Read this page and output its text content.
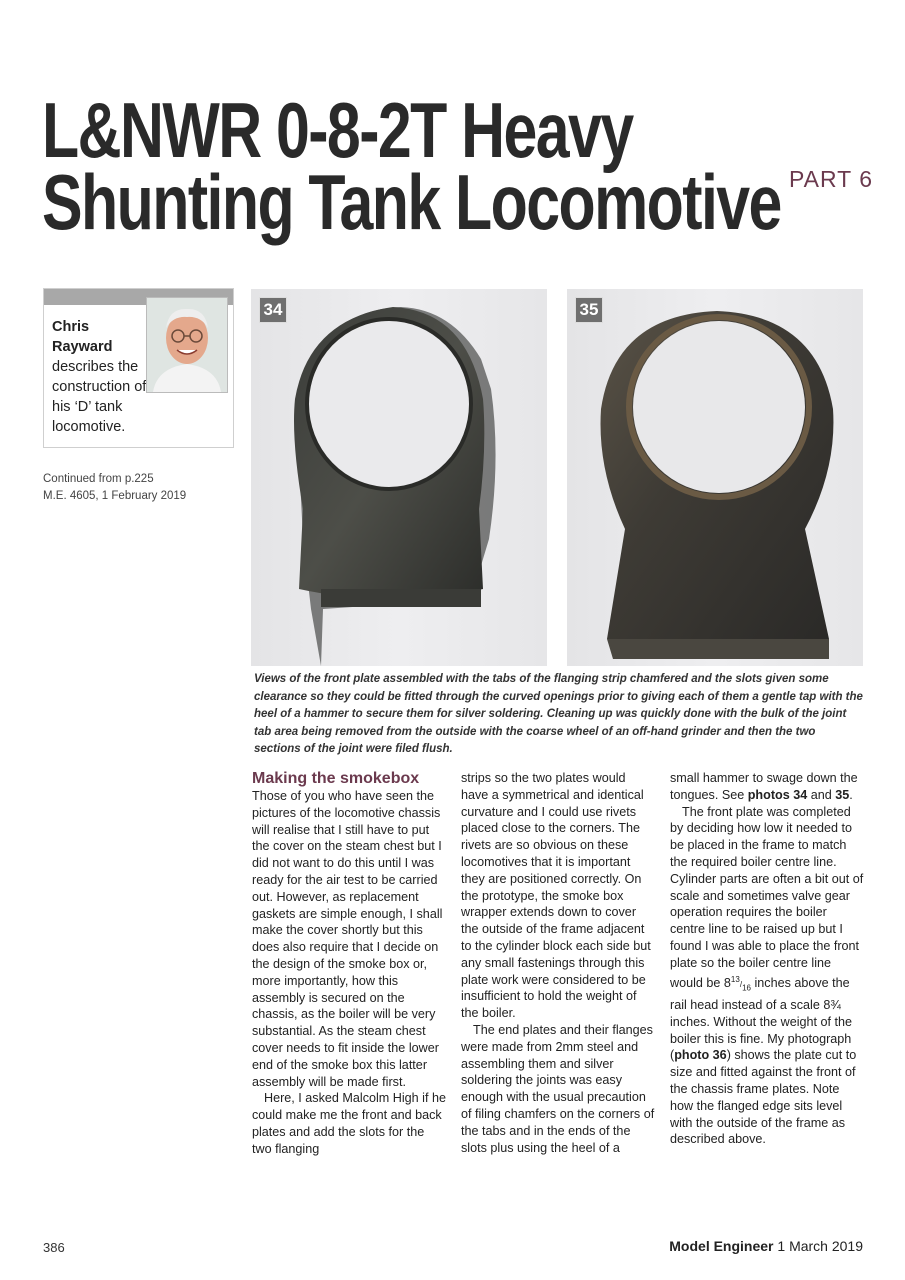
L&NWR 0-8-2T Heavy
Shunting Tank Locomotive PART 6
Chris
Rayward
describes the construction of his ‘D’ tank locomotive.
Continued from p.225
M.E. 4605, 1 February 2019
34	35
Views of the front plate assembled with the tabs of the flanging strip chamfered and the slots given some clearance so they could be fitted through the curved openings prior to giving each of them a gentle tap with the heel of a hammer to secure them for silver soldering. Cleaning up was quickly done with the bulk of the joint tab area being removed from the outside with the coarse wheel of an off-hand grinder and then the two sections of the joint were filed flush.
Making the smokebox

Those of you who have seen the pictures of the locomotive chassis will realise that I still have to put the cover on the steam chest but I did not want to do this until I was ready for the air test to be carried out. However, as replacement gaskets are simple enough, I shall make the cover shortly but this does also require that I decide on the design of the smoke box or, more importantly, how this assembly is secured on the chassis, as the boiler will be very substantial. As the steam chest cover needs to fit inside the lower end of the smoke box this latter assembly will be made first.

Here, I asked Malcolm High if he could make me the front and back plates and add the slots for the two flanging

strips so the two plates would have a symmetrical and identical curvature and I could use rivets placed close to the corners. The rivets are so obvious on these locomotives that it is important they are positioned correctly. On the prototype, the smoke box wrapper extends down to cover the outside of the frame adjacent to the cylinder block each side but any small fastenings through this plate work were considered to be insufficient to hold the weight of the boiler.

The end plates and their flanges were made from 2mm steel and assembling them and silver soldering the joints was easy enough with the usual precaution of filing chamfers on the corners of the tabs and in the ends of the slots plus using the heel of a

small hammer to swage down the tongues. See photos 34 and 35.

The front plate was completed by deciding how low it needed to be placed in the frame to match the required boiler centre line. Cylinder parts are often a bit out of scale and sometimes valve gear operation requires the boiler centre line to be raised up but I found I was able to place the front plate so the boiler centre line would be $8^{13}/_{16}$ inches above the rail head instead of a scale 8¾ inches. Without the weight of the boiler this is fine. My photograph (photo 36) shows the plate cut to size and fitted against the front of the chassis frame plates. Note how the flanged edge sits level with the outside of the frame as described above.

386	Model Engineer 1 March 2019
